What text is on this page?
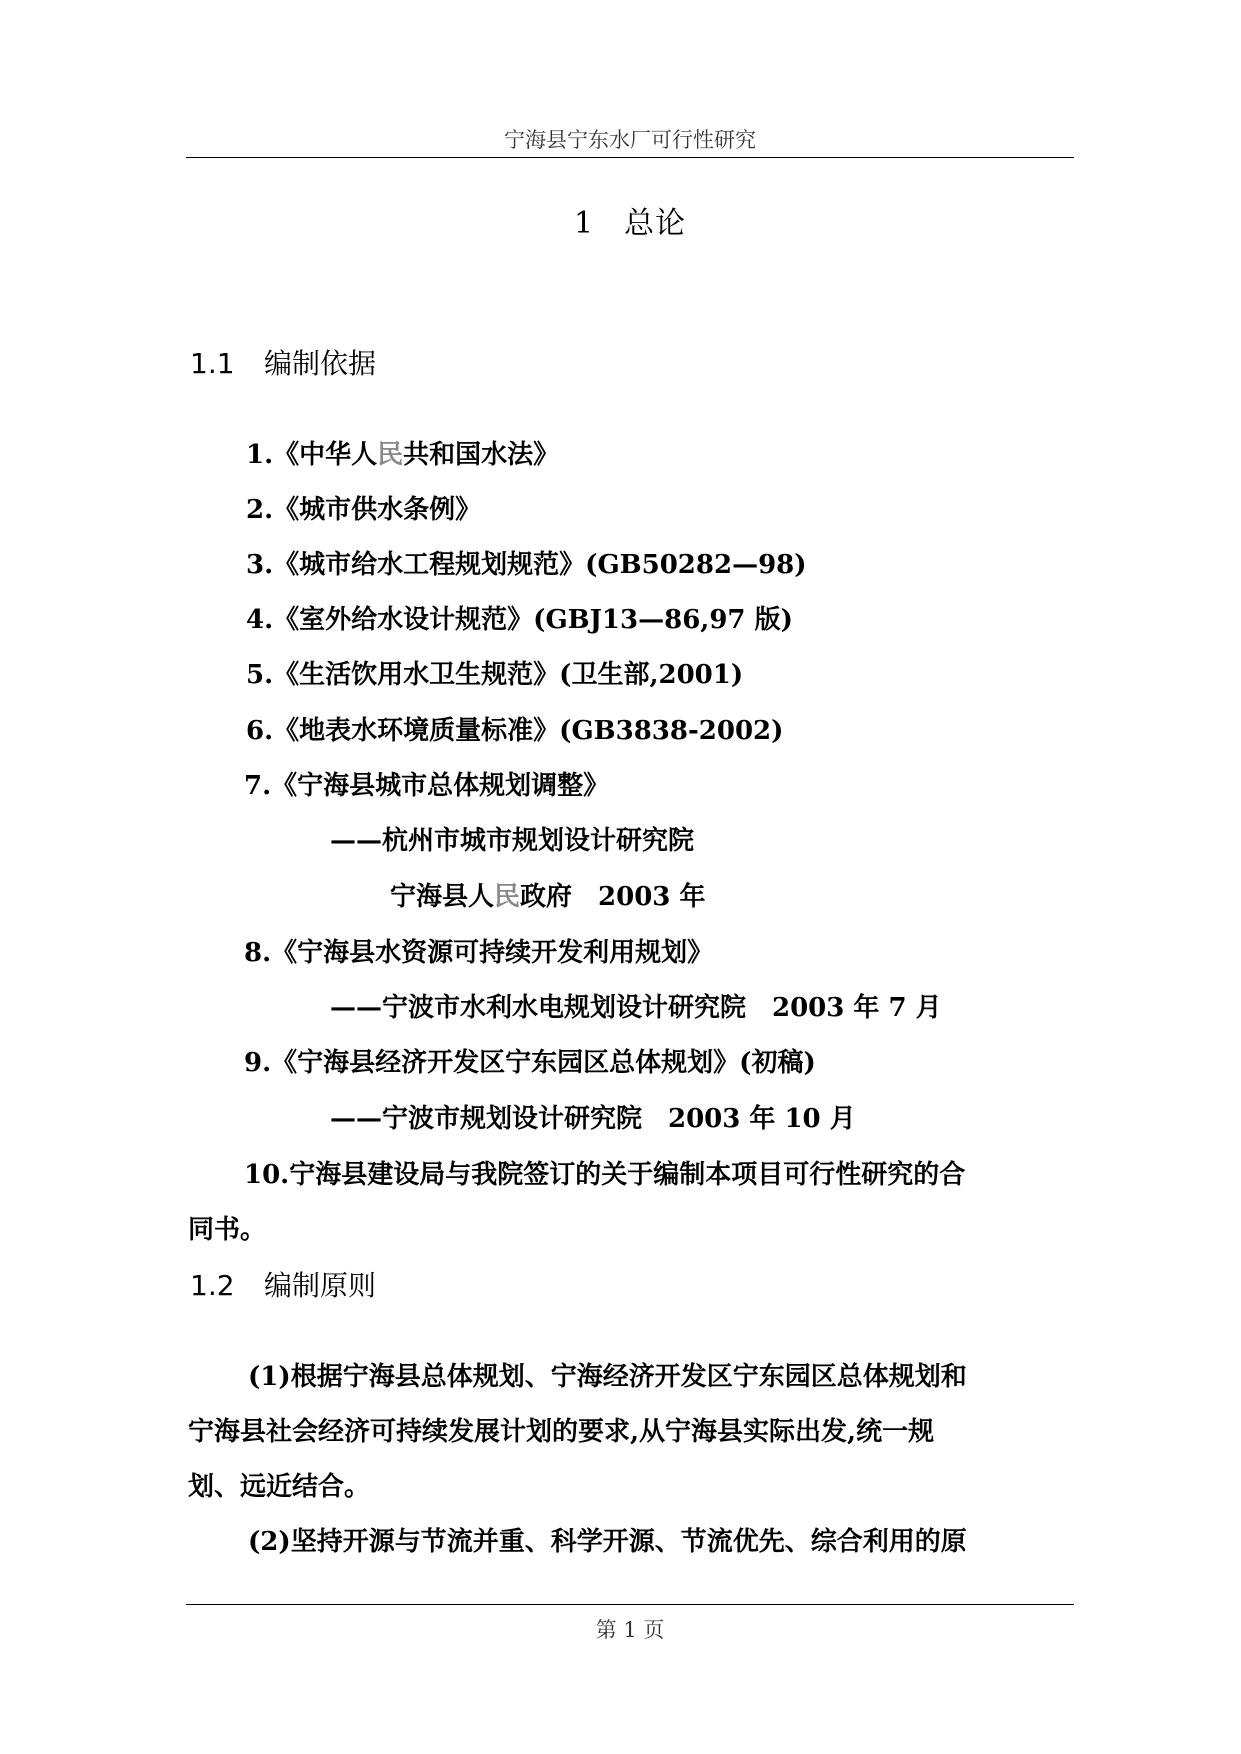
宁海县宁东水厂可行性研究
1 总论
1.1 编制依据
1.《中华人民共和国水法》
2.《城市供水条例》
3.《城市给水工程规划规范》(GB50282—98)
4.《室外给水设计规范》(GBJ13—86,97 版)
5.《生活饮用水卫生规范》(卫生部,2001)
6.《地表水环境质量标准》(GB3838-2002)
7.《宁海县城市总体规划调整》
——杭州市城市规划设计研究院
宁海县人民政府　2003 年
8.《宁海县水资源可持续开发利用规划》
——宁波市水利水电规划设计研究院　2003 年 7 月
9.《宁海县经济开发区宁东园区总体规划》(初稿)
——宁波市规划设计研究院　2003 年 10 月
10.宁海县建设局与我院签订的关于编制本项目可行性研究的合
同书。
1.2 编制原则
(1)根据宁海县总体规划、宁海经济开发区宁东园区总体规划和
宁海县社会经济可持续发展计划的要求,从宁海县实际出发,统一规
划、远近结合。
(2)坚持开源与节流并重、科学开源、节流优先、综合利用的原
第 1 页
